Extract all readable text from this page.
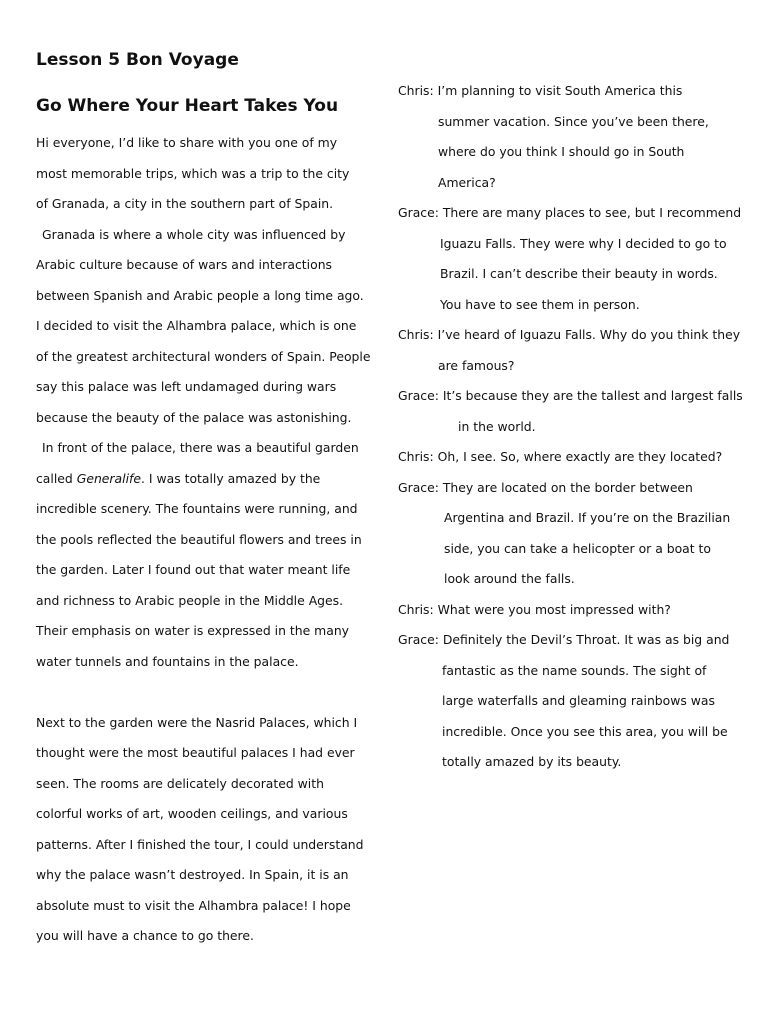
Lesson 5 Bon Voyage
Go Where Your Heart Takes You
Hi everyone, I’d like to share with you one of my
most memorable trips, which was a trip to the city
of Granada, a city in the southern part of Spain.
Granada is where a whole city was influenced by
Arabic culture because of wars and interactions
between Spanish and Arabic people a long time ago.
I decided to visit the Alhambra palace, which is one
of the greatest architectural wonders of Spain. People
say this palace was left undamaged during wars
because the beauty of the palace was astonishing.
In front of the palace, there was a beautiful garden
called Generalife. I was totally amazed by the
incredible scenery. The fountains were running, and
the pools reflected the beautiful flowers and trees in
the garden. Later I found out that water meant life
and richness to Arabic people in the Middle Ages.
Their emphasis on water is expressed in the many
water tunnels and fountains in the palace.
Next to the garden were the Nasrid Palaces, which I
thought were the most beautiful palaces I had ever
seen. The rooms are delicately decorated with
colorful works of art, wooden ceilings, and various
patterns. After I finished the tour, I could understand
why the palace wasn’t destroyed. In Spain, it is an
absolute must to visit the Alhambra palace! I hope
you will have a chance to go there.
Chris: I’m planning to visit South America this
summer vacation. Since you’ve been there,
where do you think I should go in South
America?
Grace: There are many places to see, but I recommend
Iguazu Falls. They were why I decided to go to
Brazil. I can’t describe their beauty in words.
You have to see them in person.
Chris: I’ve heard of Iguazu Falls. Why do you think they
are famous?
Grace: It’s because they are the tallest and largest falls
in the world.
Chris: Oh, I see. So, where exactly are they located?
Grace: They are located on the border between
Argentina and Brazil. If you’re on the Brazilian
side, you can take a helicopter or a boat to
look around the falls.
Chris: What were you most impressed with?
Grace: Definitely the Devil’s Throat. It was as big and
fantastic as the name sounds. The sight of
large waterfalls and gleaming rainbows was
incredible. Once you see this area, you will be
totally amazed by its beauty.
